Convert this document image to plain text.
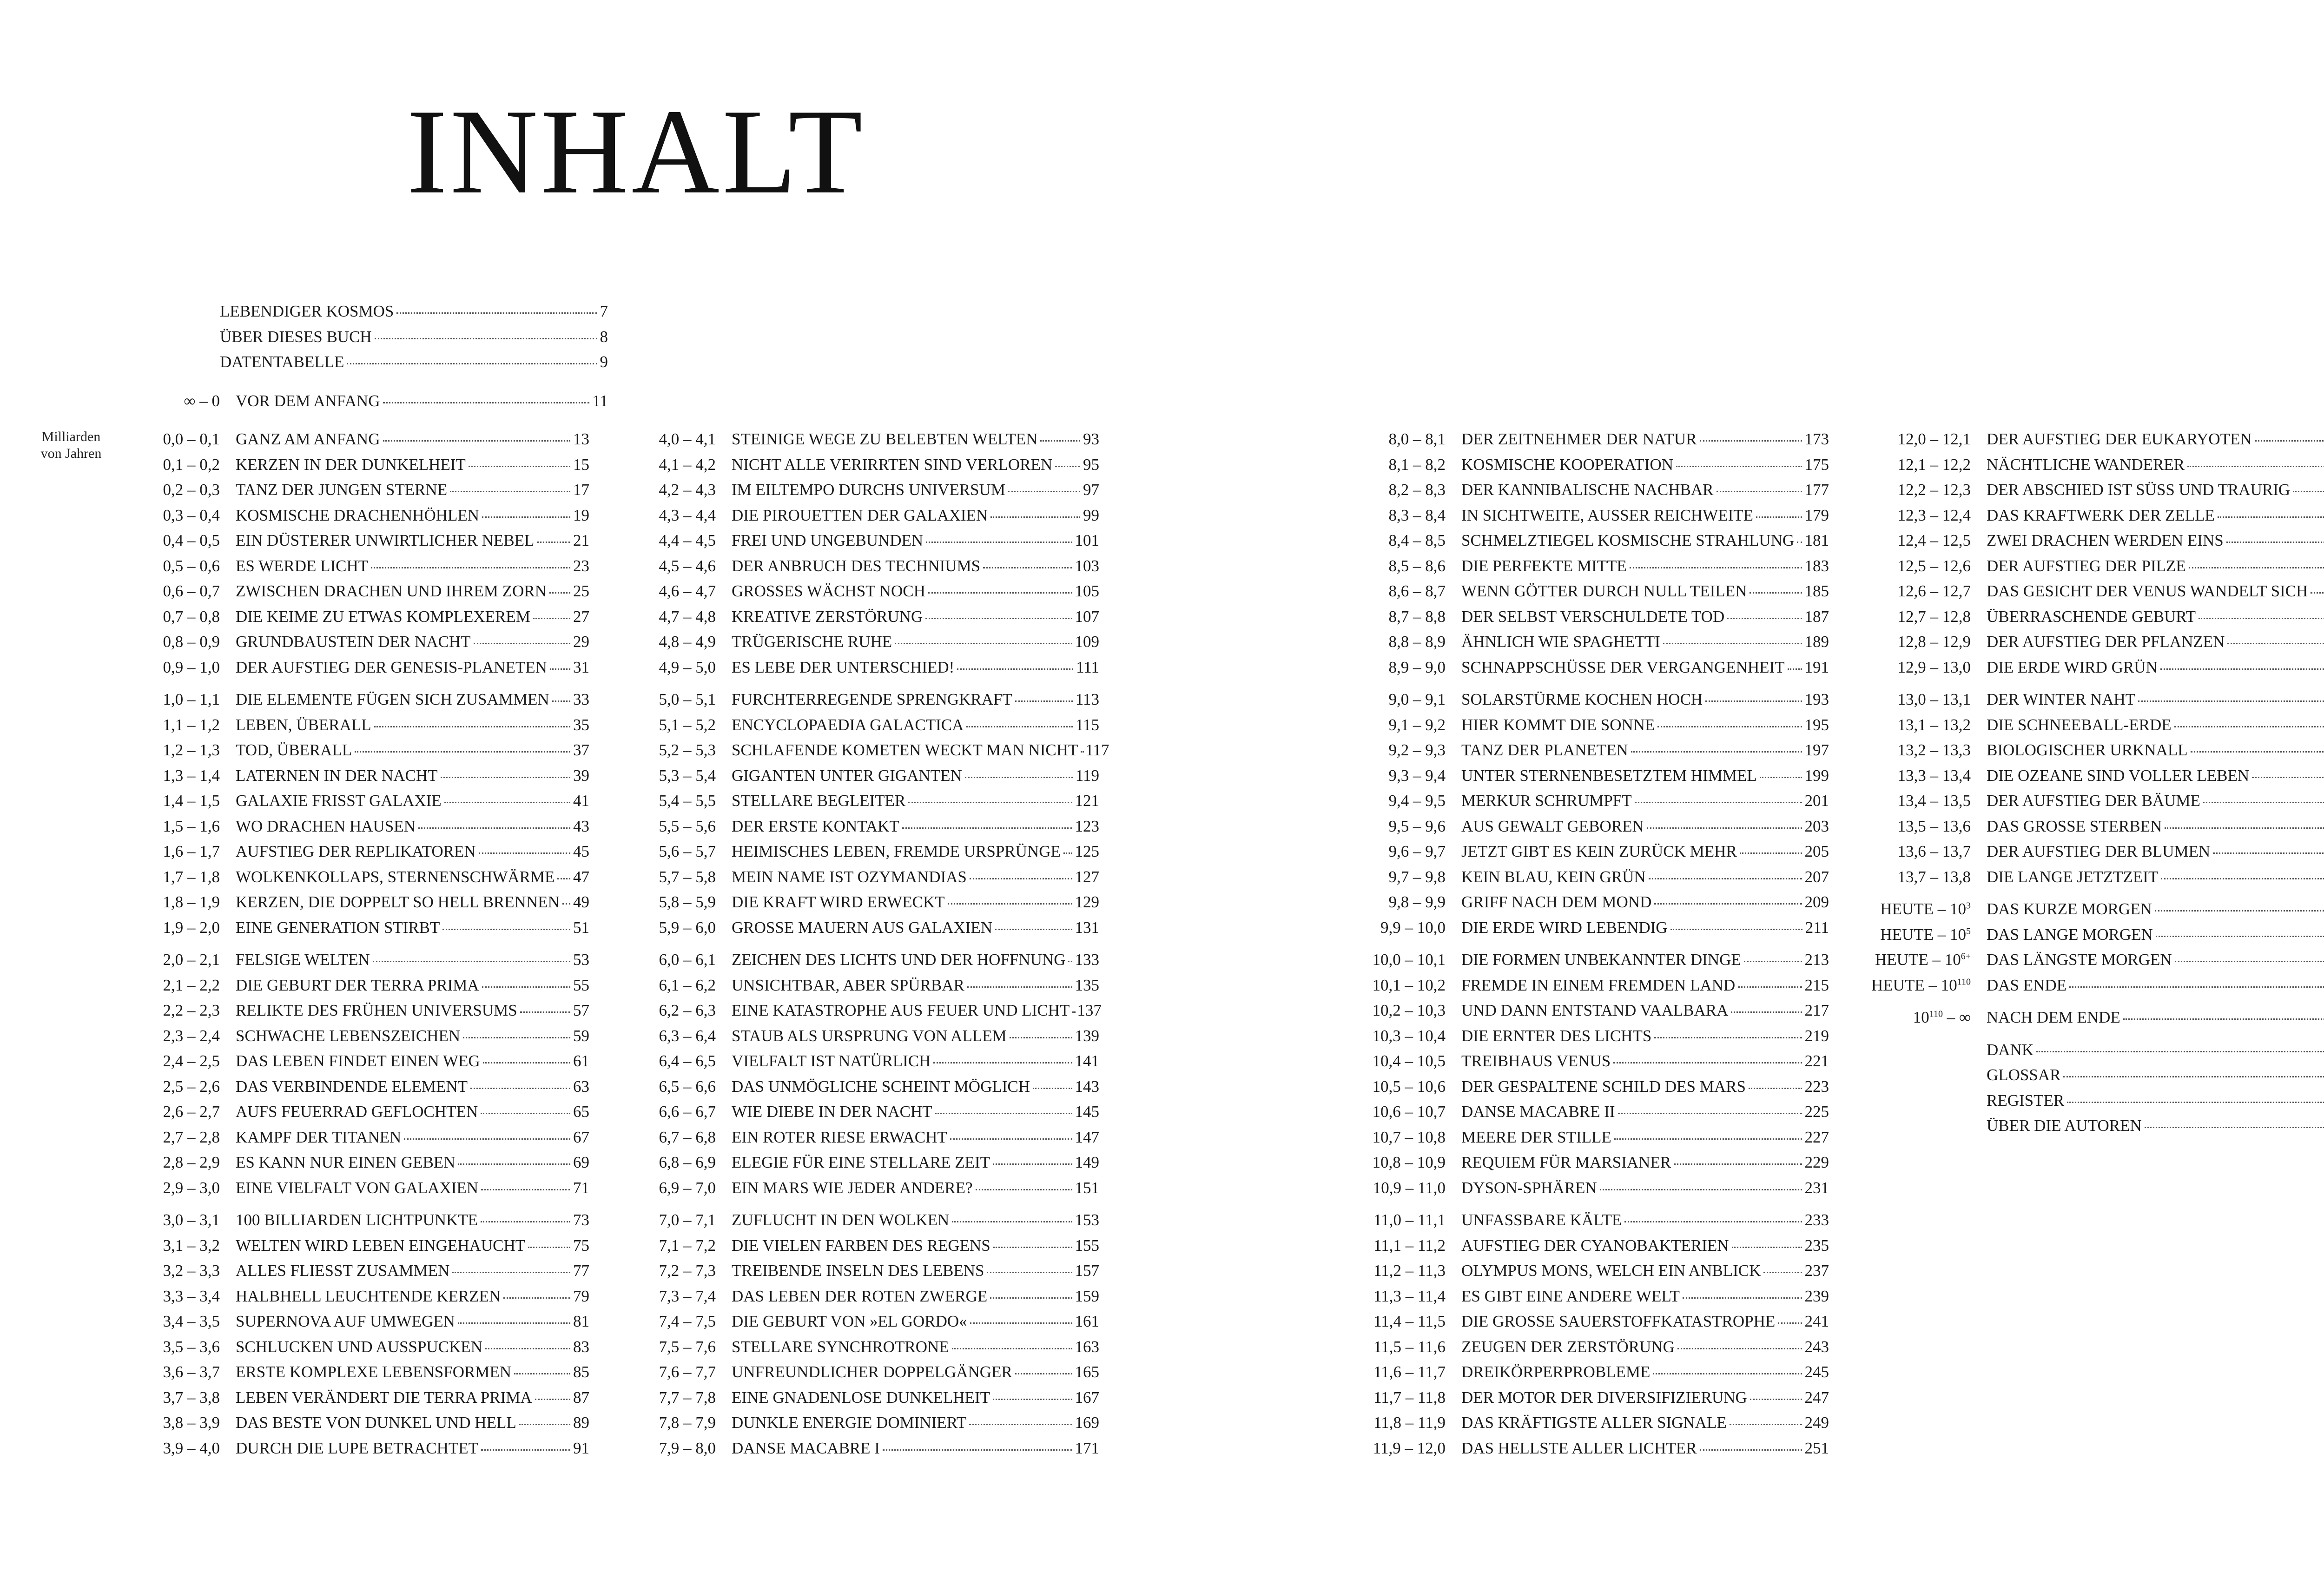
INHALT
Milliarden von Jahren
LEBENDIGER KOSMOS	7
ÜBER DIESES BUCH	8
DATENTABELLE	9
∞ – 0 VOR DEM ANFANG	11
0,0 – 0,1 GANZ AM ANFANG	13
0,1 – 0,2 KERZEN IN DER DUNKELHEIT	15
0,2 – 0,3 TANZ DER JUNGEN STERNE	17
0,3 – 0,4 KOSMISCHE DRACHENHÖHLEN	19
0,4 – 0,5 EIN DÜSTERER UNWIRTLICHER NEBEL 21
0,5 – 0,6 ES WERDE LICHT	23
0,6 – 0,7 ZWISCHEN DRACHEN UND IHREM ZORN 25
0,7 – 0,8 DIE KEIME ZU ETWAS KOMPLEXEREM	27
0,8 – 0,9 GRUNDBAUSTEIN DER NACHT	29
0,9 – 1,0 DER AUFSTIEG DER GENESIS-PLANETEN 31
1,0 – 1,1 DIE ELEMENTE FÜGEN SICH ZUSAMMEN 33
1,1 – 1,2 LEBEN, ÜBERALL	35
1,2 – 1,3 TOD, ÜBERALL	37
1,3 – 1,4 LATERNEN IN DER NACHT	39
1,4 – 1,5 GALAXIE FRISST GALAXIE	41
1,5 – 1,6 WO DRACHEN HAUSEN	43
1,6 – 1,7 AUFSTIEG DER REPLIKATOREN	45
1,7 – 1,8 WOLKENKOLLAPS, STERNENSCHWÄRME 47
1,8 – 1,9 KERZEN, DIE DOPPELT SO HELL BRENNEN 49
1,9 – 2,0 EINE GENERATION STIRBT	51
2,0 – 2,1 FELSIGE WELTEN	53
2,1 – 2,2 DIE GEBURT DER TERRA PRIMA	55
2,2 – 2,3 RELIKTE DES FRÜHEN UNIVERSUMS	57
2,3 – 2,4 SCHWACHE LEBENSZEICHEN	59
2,4 – 2,5 DAS LEBEN FINDET EINEN WEG	61
2,5 – 2,6 DAS VERBINDENDE ELEMENT	63
2,6 – 2,7 AUFS FEUERRAD GEFLOCHTEN	65
2,7 – 2,8 KAMPF DER TITANEN	67
2,8 – 2,9 ES KANN NUR EINEN GEBEN	69
2,9 – 3,0 EINE VIELFALT VON GALAXIEN	71
3,0 – 3,1 100 BILLIARDEN LICHTPUNKTE	73
3,1 – 3,2 WELTEN WIRD LEBEN EINGEHAUCHT	75
3,2 – 3,3 ALLES FLIESST ZUSAMMEN	77
3,3 – 3,4 HALBHELL LEUCHTENDE KERZEN	79
3,4 – 3,5 SUPERNOVA AUF UMWEGEN	81
3,5 – 3,6 SCHLUCKEN UND AUSSPUCKEN	83
3,6 – 3,7 ERSTE KOMPLEXE LEBENSFORMEN	85
3,7 – 3,8 LEBEN VERÄNDERT DIE TERRA PRIMA	87
3,8 – 3,9 DAS BESTE VON DUNKEL UND HELL	89
3,9 – 4,0 DURCH DIE LUPE BETRACHTET	91
4,0 – 4,1 STEINIGE WEGE ZU BELEBTEN WELTEN	93
4,1 – 4,2 NICHT ALLE VERIRRTEN SIND VERLOREN 95
4,2 – 4,3 IM EILTEMPO DURCHS UNIVERSUM	97
4,3 – 4,4 DIE PIROUETTEN DER GALAXIEN	99
4,4 – 4,5 FREI UND UNGEBUNDEN	101
4,5 – 4,6 DER ANBRUCH DES TECHNIUMS	103
4,6 – 4,7 GROSSES WÄCHST NOCH	105
4,7 – 4,8 KREATIVE ZERSTÖRUNG	107
4,8 – 4,9 TRÜGERISCHE RUHE	109
4,9 – 5,0 ES LEBE DER UNTERSCHIED!	111
5,0 – 5,1 FURCHTERREGENDE SPRENGKRAFT	113
5,1 – 5,2 ENCYCLOPAEDIA GALACTICA	115
5,2 – 5,3 SCHLAFENDE KOMETEN WECKT MAN NICHT 117
5,3 – 5,4 GIGANTEN UNTER GIGANTEN	119
5,4 – 5,5 STELLARE BEGLEITER	121
5,5 – 5,6 DER ERSTE KONTAKT	123
5,6 – 5,7 HEIMISCHES LEBEN, FREMDE URSPRÜNGE 125
5,7 – 5,8 MEIN NAME IST OZYMANDIAS	127
5,8 – 5,9 DIE KRAFT WIRD ERWECKT	129
5,9 – 6,0 GROSSE MAUERN AUS GALAXIEN	131
6,0 – 6,1 ZEICHEN DES LICHTS UND DER HOFFNUNG 133
6,1 – 6,2 UNSICHTBAR, ABER SPÜRBAR	135
6,2 – 6,3 EINE KATASTROPHE AUS FEUER UND LICHT 137
6,3 – 6,4 STAUB ALS URSPRUNG VON ALLEM	139
6,4 – 6,5 VIELFALT IST NATÜRLICH	141
6,5 – 6,6 DAS UNMÖGLICHE SCHEINT MÖGLICH	143
6,6 – 6,7 WIE DIEBE IN DER NACHT	145
6,7 – 6,8 EIN ROTER RIESE ERWACHT	147
6,8 – 6,9 ELEGIE FÜR EINE STELLARE ZEIT	149
6,9 – 7,0 EIN MARS WIE JEDER ANDERE?	151
7,0 – 7,1 ZUFLUCHT IN DEN WOLKEN	153
7,1 – 7,2 DIE VIELEN FARBEN DES REGENS	155
7,2 – 7,3 TREIBENDE INSELN DES LEBENS	157
7,3 – 7,4 DAS LEBEN DER ROTEN ZWERGE	159
7,4 – 7,5 DIE GEBURT VON »EL GORDO«	161
7,5 – 7,6 STELLARE SYNCHROTRONE	163
7,6 – 7,7 UNFREUNDLICHER DOPPELGÄNGER	165
7,7 – 7,8 EINE GNADENLOSE DUNKELHEIT	167
7,8 – 7,9 DUNKLE ENERGIE DOMINIERT	169
7,9 – 8,0 DANSE MACABRE I	171
8,0 – 8,1 DER ZEITNEHMER DER NATUR	173
8,1 – 8,2 KOSMISCHE KOOPERATION	175
8,2 – 8,3 DER KANNIBALISCHE NACHBAR	177
8,3 – 8,4 IN SICHTWEITE, AUSSER REICHWEITE	179
8,4 – 8,5 SCHMELZTIEGEL KOSMISCHE STRAHLUNG 181
8,5 – 8,6 DIE PERFEKTE MITTE	183
8,6 – 8,7 WENN GÖTTER DURCH NULL TEILEN	185
8,7 – 8,8 DER SELBST VERSCHULDETE TOD	187
8,8 – 8,9 ÄHNLICH WIE SPAGHETTI	189
8,9 – 9,0 SCHNAPPSCHÜSSE DER VERGANGENHEIT 191
9,0 – 9,1 SOLARSTÜRME KOCHEN HOCH	193
9,1 – 9,2 HIER KOMMT DIE SONNE	195
9,2 – 9,3 TANZ DER PLANETEN	197
9,3 – 9,4 UNTER STERNENBESETZTEM HIMMEL	199
9,4 – 9,5 MERKUR SCHRUMPFT	201
9,5 – 9,6 AUS GEWALT GEBOREN	203
9,6 – 9,7 JETZT GIBT ES KEIN ZURÜCK MEHR	205
9,7 – 9,8 KEIN BLAU, KEIN GRÜN	207
9,8 – 9,9 GRIFF NACH DEM MOND	209
9,9 – 10,0 DIE ERDE WIRD LEBENDIG	211
10,0 – 10,1 DIE FORMEN UNBEKANNTER DINGE	213
10,1 – 10,2 FREMDE IN EINEM FREMDEN LAND	215
10,2 – 10,3 UND DANN ENTSTAND VAALBARA	217
10,3 – 10,4 DIE ERNTER DES LICHTS	219
10,4 – 10,5 TREIBHAUS VENUS	221
10,5 – 10,6 DER GESPALTENE SCHILD DES MARS	223
10,6 – 10,7 DANSE MACABRE II	225
10,7 – 10,8 MEERE DER STILLE	227
10,8 – 10,9 REQUIEM FÜR MARSIANER	229
10,9 – 11,0 DYSON-SPHÄREN	231
11,0 – 11,1 UNFASSBARE KÄLTE	233
11,1 – 11,2 AUFSTIEG DER CYANOBAKTERIEN	235
11,2 – 11,3 OLYMPUS MONS, WELCH EIN ANBLICK	237
11,3 – 11,4 ES GIBT EINE ANDERE WELT	239
11,4 – 11,5 DIE GROSSE SAUERSTOFFKATASTROPHE 241
11,5 – 11,6 ZEUGEN DER ZERSTÖRUNG	243
11,6 – 11,7 DREIKÖRPERPROBLEME	245
11,7 – 11,8 DER MOTOR DER DIVERSIFIZIERUNG	247
11,8 – 11,9 DAS KRÄFTIGSTE ALLER SIGNALE	249
11,9 – 12,0 DAS HELLSTE ALLER LICHTER	251
12,0 – 12,1 DER AUFSTIEG DER EUKARYOTEN
12,1 – 12,2 NÄCHTLICHE WANDERER
12,2 – 12,3 DER ABSCHIED IST SÜSS UND TRAURIG
12,3 – 12,4 DAS KRAFTWERK DER ZELLE
12,4 – 12,5 ZWEI DRACHEN WERDEN EINS
12,5 – 12,6 DER AUFSTIEG DER PILZE
12,6 – 12,7 DAS GESICHT DER VENUS WANDELT SICH
12,7 – 12,8 ÜBERRASCHENDE GEBURT
12,8 – 12,9 DER AUFSTIEG DER PFLANZEN
12,9 – 13,0 DIE ERDE WIRD GRÜN
13,0 – 13,1 DER WINTER NAHT
13,1 – 13,2 DIE SCHNEEBALL-ERDE
13,2 – 13,3 BIOLOGISCHER URKNALL
13,3 – 13,4 DIE OZEANE SIND VOLLER LEBEN
13,4 – 13,5 DER AUFSTIEG DER BÄUME
13,5 – 13,6 DAS GROSSE STERBEN
13,6 – 13,7 DER AUFSTIEG DER BLUMEN
13,7 – 13,8 DIE LANGE JETZTZEIT
HEUTE – $10^3$ DAS KURZE MORGEN
HEUTE – $10^5$ DAS LANGE MORGEN
HEUTE – $10^{6+}$ DAS LÄNGSTE MORGEN
HEUTE – $10^{110}$ DAS ENDE
$10^{110}$ – ∞ NACH DEM ENDE
DANK
GLOSSAR
REGISTER
ÜBER DIE AUTOREN
